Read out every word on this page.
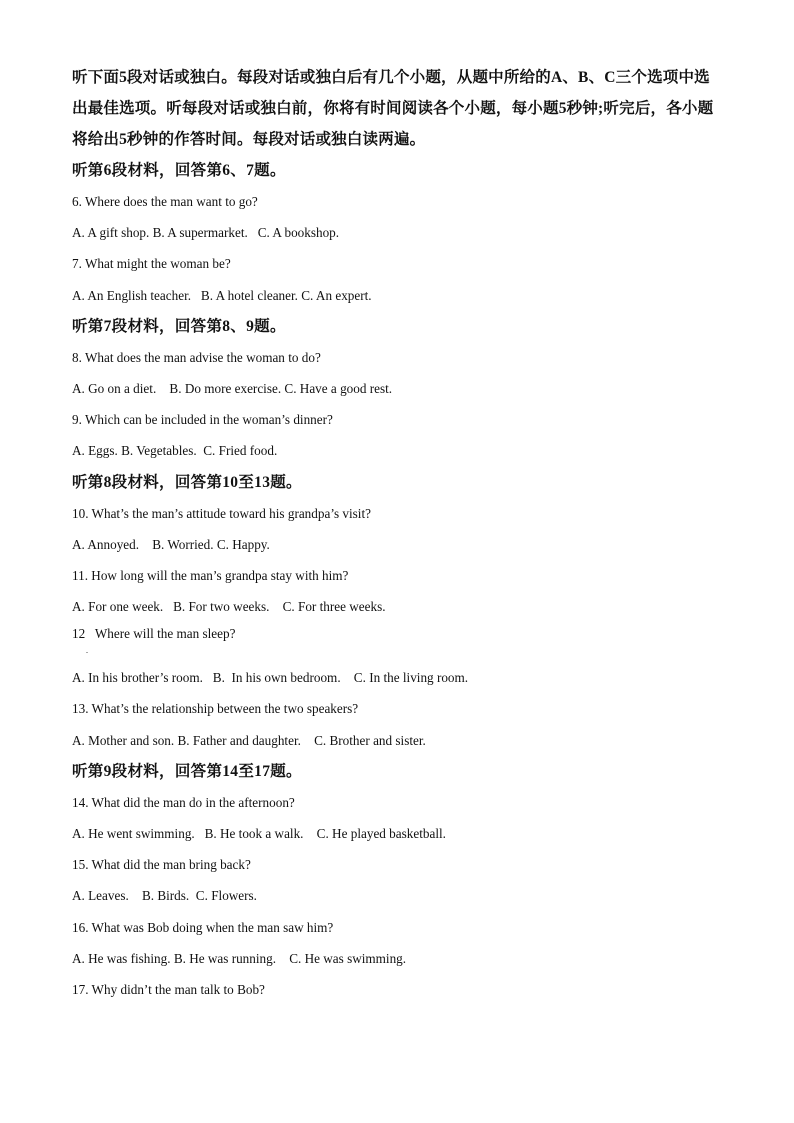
听下面5段对话或独白。每段对话或独白后有几个小题，从题中所给的A、B、C三个选项中选出最佳选项。听每段对话或独白前，你将有时间阅读各个小题，每小题5秒钟;听完后，各小题将给出5秒钟的作答时间。每段对话或独白读两遍。

听第6段材料，回答第6、7题。

6. Where does the man want to go?

A. A gift shop. B. A supermarket.   C. A bookshop.

7. What might the woman be?

A. An English teacher.   B. A hotel cleaner. C. An expert.

听第7段材料，回答第8、9题。

8. What does the man advise the woman to do?

A. Go on a diet.    B. Do more exercise. C. Have a good rest.

9. Which can be included in the woman’s dinner?

A. Eggs. B. Vegetables.  C. Fried food.

听第8段材料，回答第10至13题。

10. What’s the man’s attitude toward his grandpa’s visit?

A. Annoyed.    B. Worried. C. Happy.

11. How long will the man’s grandpa stay with him?

A. For one week.   B. For two weeks.    C. For three weeks.

12   Where will the man sleep?

.

A. In his brother’s room.   B.  In his own bedroom.    C. In the living room.

13. What’s the relationship between the two speakers?

A. Mother and son. B. Father and daughter.    C. Brother and sister.

听第9段材料，回答第14至17题。

14. What did the man do in the afternoon?

A. He went swimming.   B. He took a walk.    C. He played basketball.

15. What did the man bring back?

A. Leaves.    B. Birds.  C. Flowers.

16. What was Bob doing when the man saw him?

A. He was fishing. B. He was running.    C. He was swimming.

17. Why didn’t the man talk to Bob?
